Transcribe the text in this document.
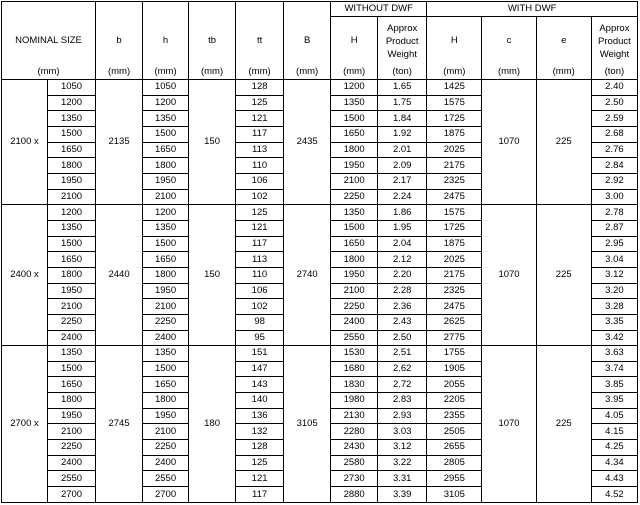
							WITHOUT DWF		WITH DWF			
NOMINAL SIZE		b	h	tb	tt	B	H	Approx Product Weight	H	c	e	Approx Product Weight
(mm)		(mm)	(mm)	(mm)	(mm)	(mm)	(mm)	(ton)	(mm)	(mm)	(mm)	(ton)
2100 x	1050	2135	1050	150	128	2435	1200	1.65	1425	1070	225	2.40
	1200		1200		125		1350	1.75	1575			2.50
	1350		1350		121		1500	1.84	1725			2.59
	1500		1500		117		1650	1.92	1875			2.68
	1650		1650		113		1800	2.01	2025			2.76
	1800		1800		110		1950	2.09	2175			2.84
	1950		1950		106		2100	2.17	2325			2.92
	2100		2100		102		2250	2.24	2475			3.00
2400 x	1200	2440	1200	150	125	2740	1350	1.86	1575	1070	225	2.78
	1350		1350		121		1500	1.95	1725			2.87
	1500		1500		117		1650	2.04	1875			2.95
	1650		1650		113		1800	2.12	2025			3.04
	1800		1800		110		1950	2.20	2175			3.12
	1950		1950		106		2100	2.28	2325			3.20
	2100		2100		102		2250	2.36	2475			3.28
	2250		2250		98		2400	2.43	2625			3.35
	2400		2400		95		2550	2.50	2775			3.42
2700 x	1350	2745	1350	180	151	3105	1530	2.51	1755	1070	225	3.63
	1500		1500		147		1680	2.62	1905			3.74
	1650		1650		143		1830	2.72	2055			3.85
	1800		1800		140		1980	2.83	2205			3.95
	1950		1950		136		2130	2.93	2355			4.05
	2100		2100		132		2280	3.03	2505			4.15
	2250		2250		128		2430	3.12	2655			4.25
	2400		2400		125		2580	3.22	2805			4.34
	2550		2550		121		2730	3.31	2955			4.43
	2700		2700		117		2880	3.39	3105			4.52
